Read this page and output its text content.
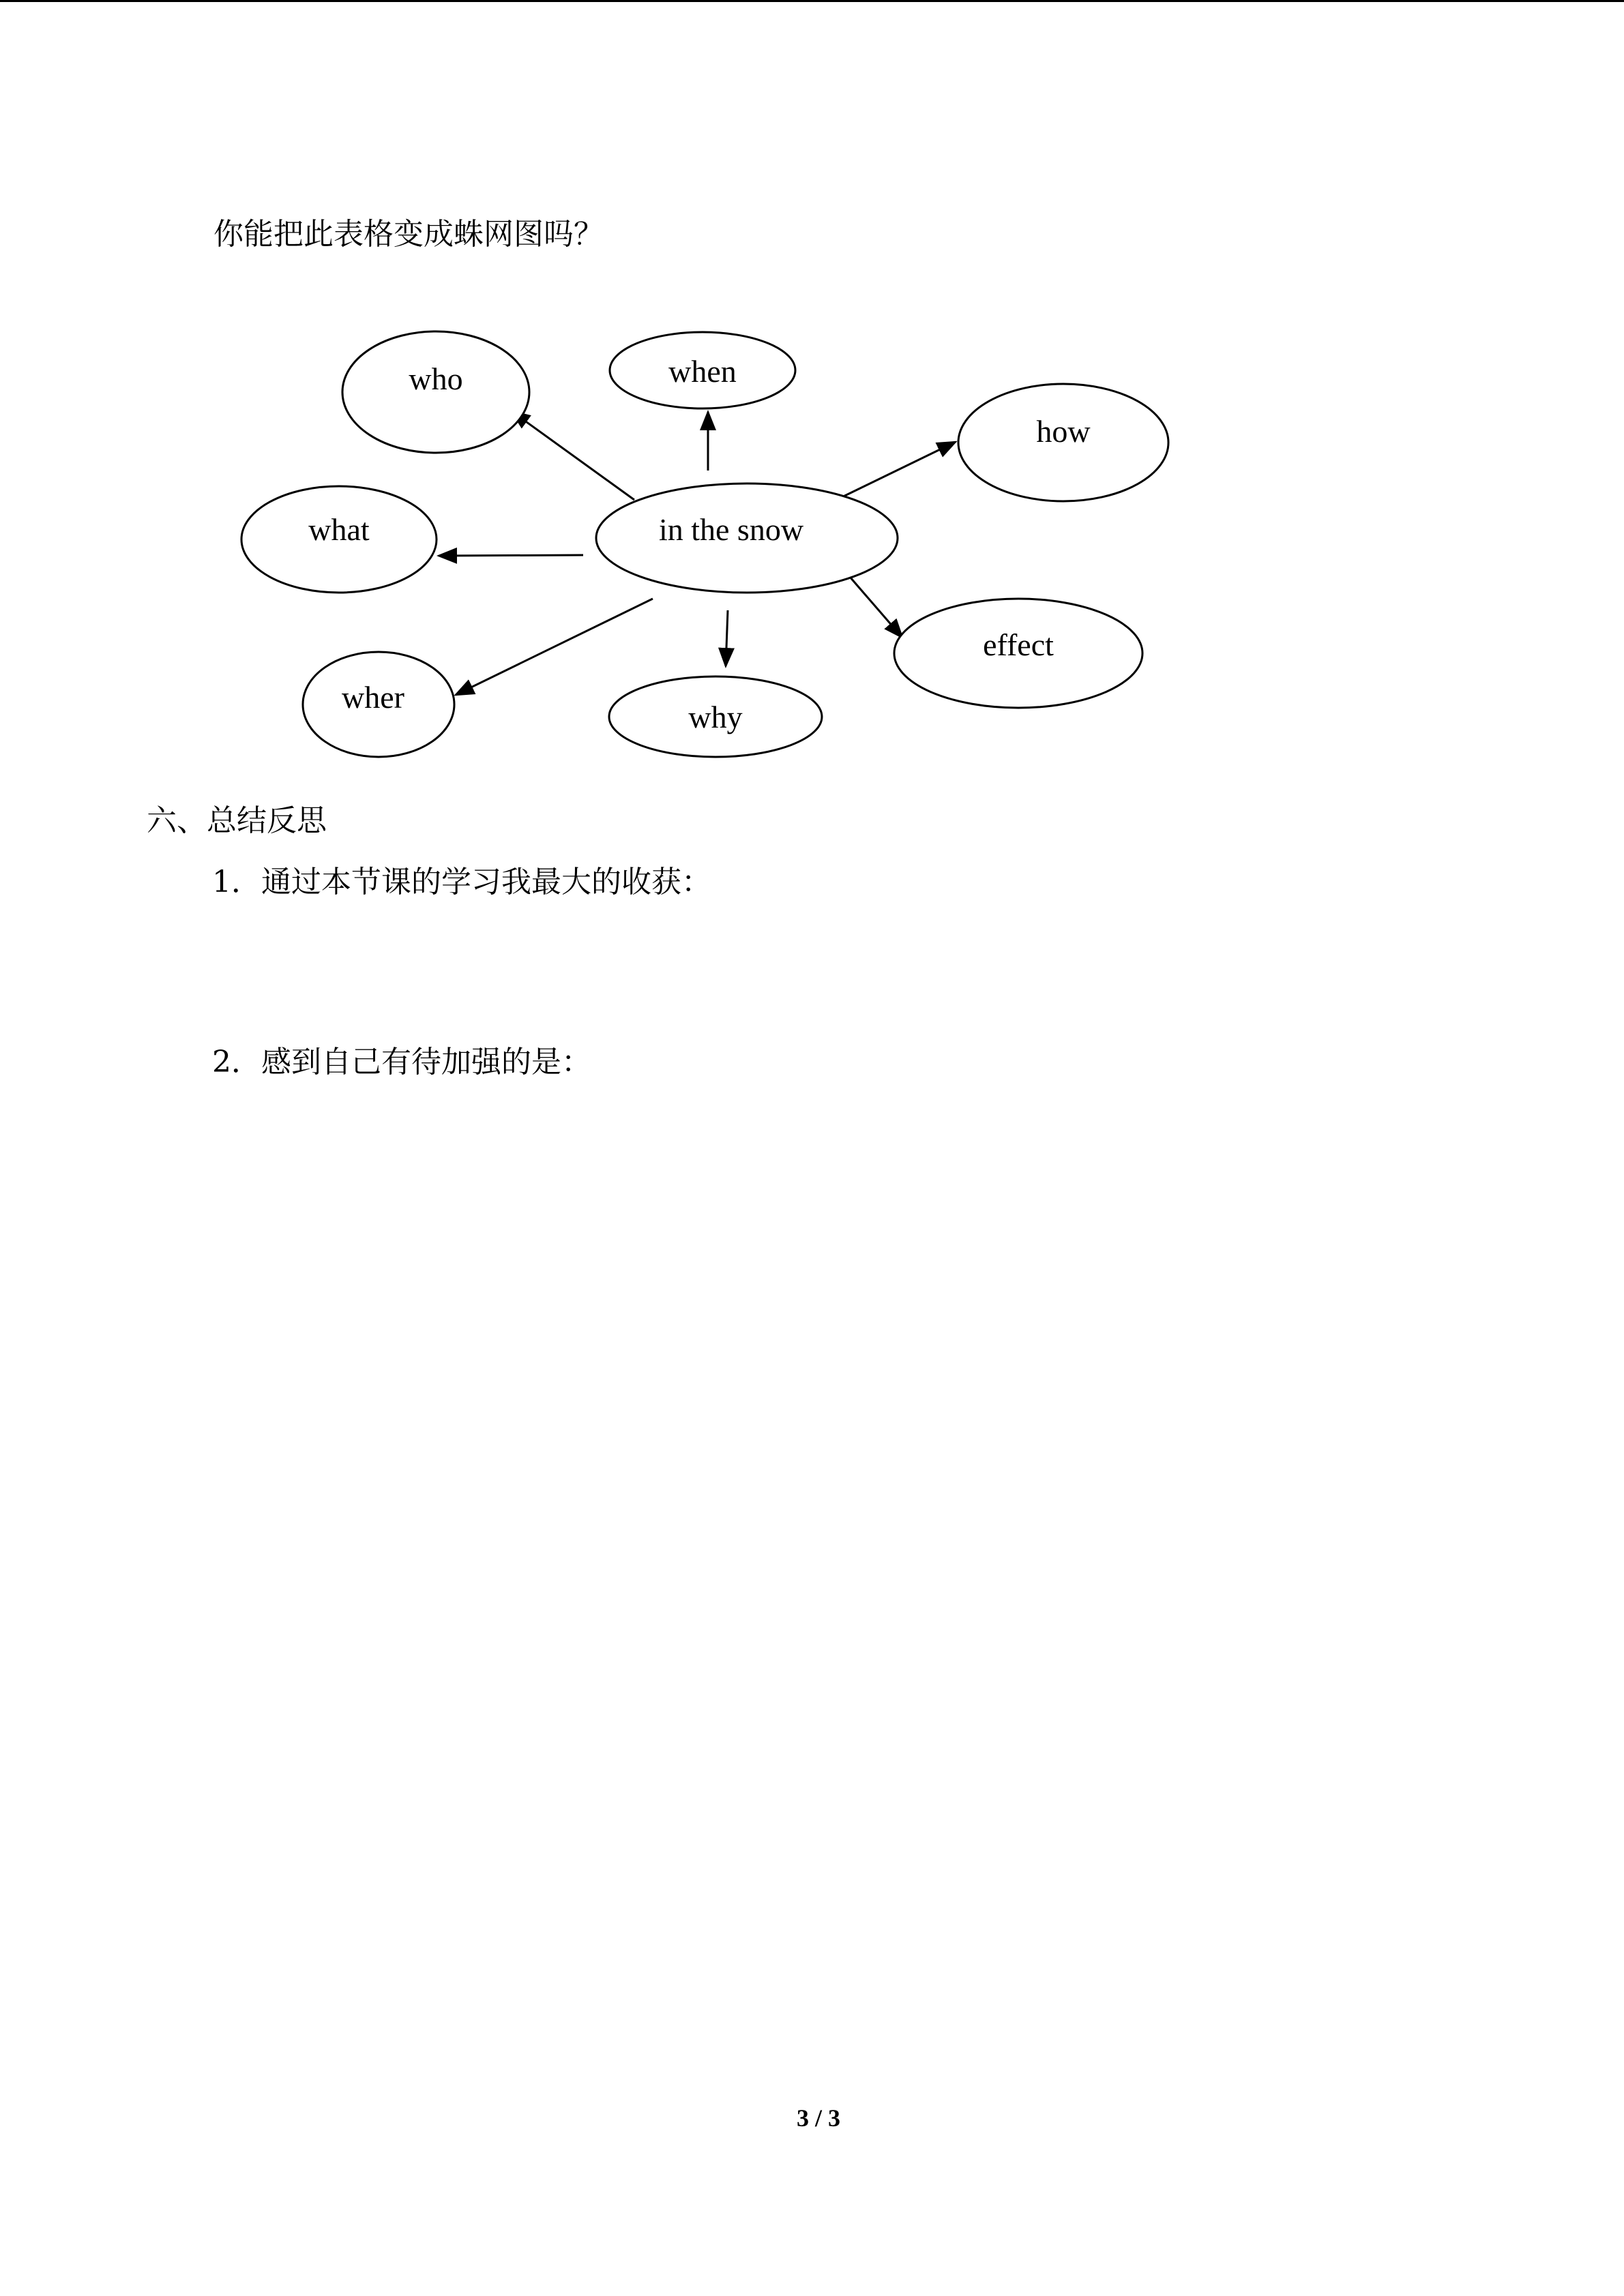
你能把此表格变成蛛网图吗？
who	when
how
what	in the snow
effect
wher
why
六、总结反思
1．通过本节课的学习我最大的收获：
2．感到自己有待加强的是：
3 / 3
